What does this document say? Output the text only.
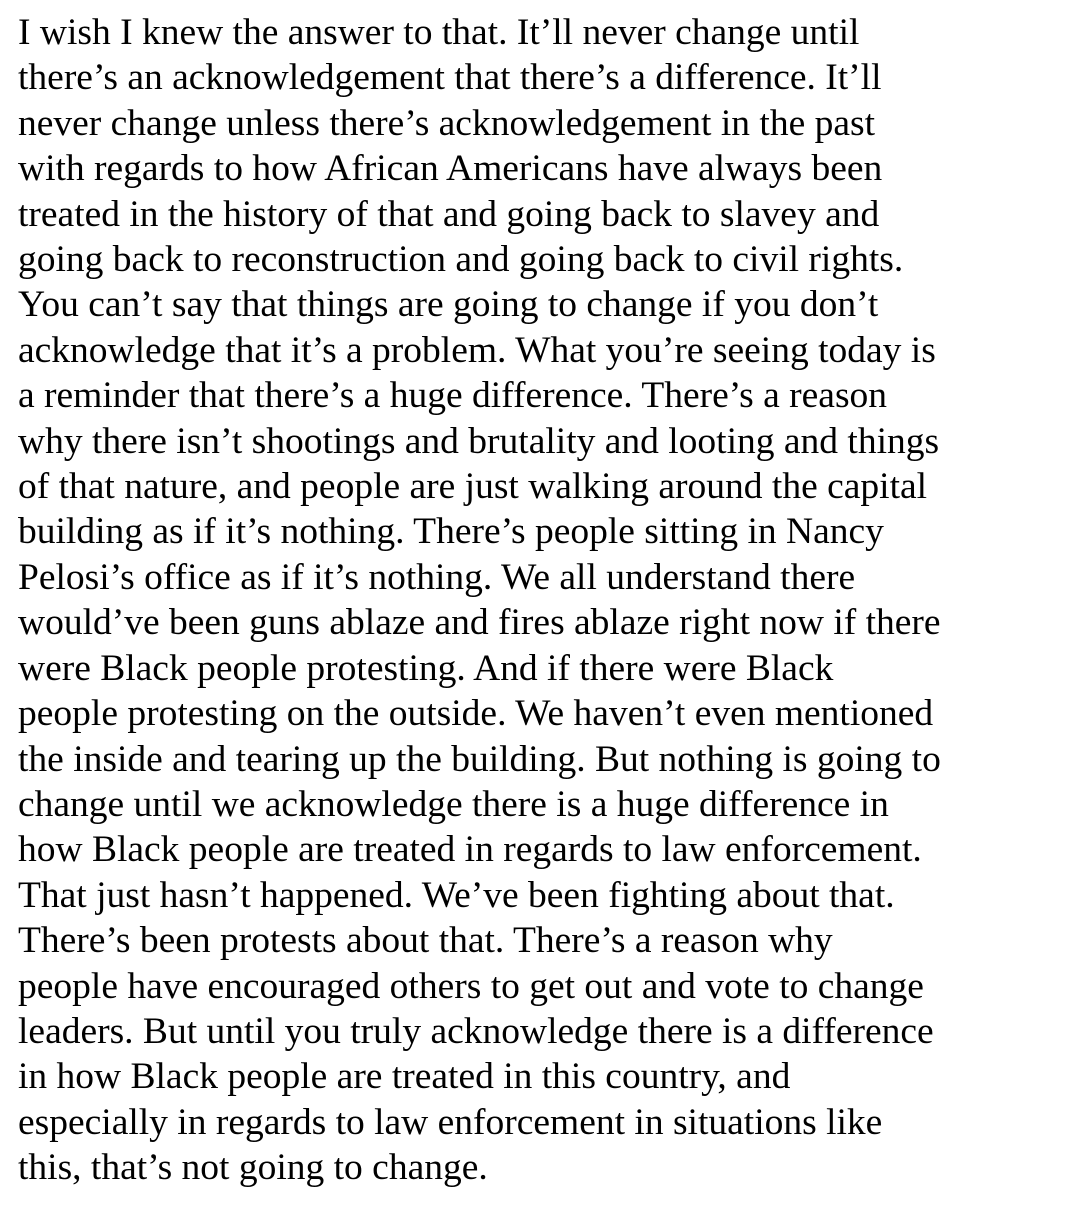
I wish I knew the answer to that. It’ll never change until
there’s an acknowledgement that there’s a difference. It’ll
never change unless there’s acknowledgement in the past
with regards to how African Americans have always been
treated in the history of that and going back to slavey and
going back to reconstruction and going back to civil rights.
You can’t say that things are going to change if you don’t
acknowledge that it’s a problem. What you’re seeing today is
a reminder that there’s a huge difference. There’s a reason
why there isn’t shootings and brutality and looting and things
of that nature, and people are just walking around the capital
building as if it’s nothing. There’s people sitting in Nancy
Pelosi’s office as if it’s nothing. We all understand there
would’ve been guns ablaze and fires ablaze right now if there
were Black people protesting. And if there were Black
people protesting on the outside. We haven’t even mentioned
the inside and tearing up the building. But nothing is going to
change until we acknowledge there is a huge difference in
how Black people are treated in regards to law enforcement.
That just hasn’t happened. We’ve been fighting about that.
There’s been protests about that. There’s a reason why
people have encouraged others to get out and vote to change
leaders. But until you truly acknowledge there is a difference
in how Black people are treated in this country, and
especially in regards to law enforcement in situations like
this, that’s not going to change.
